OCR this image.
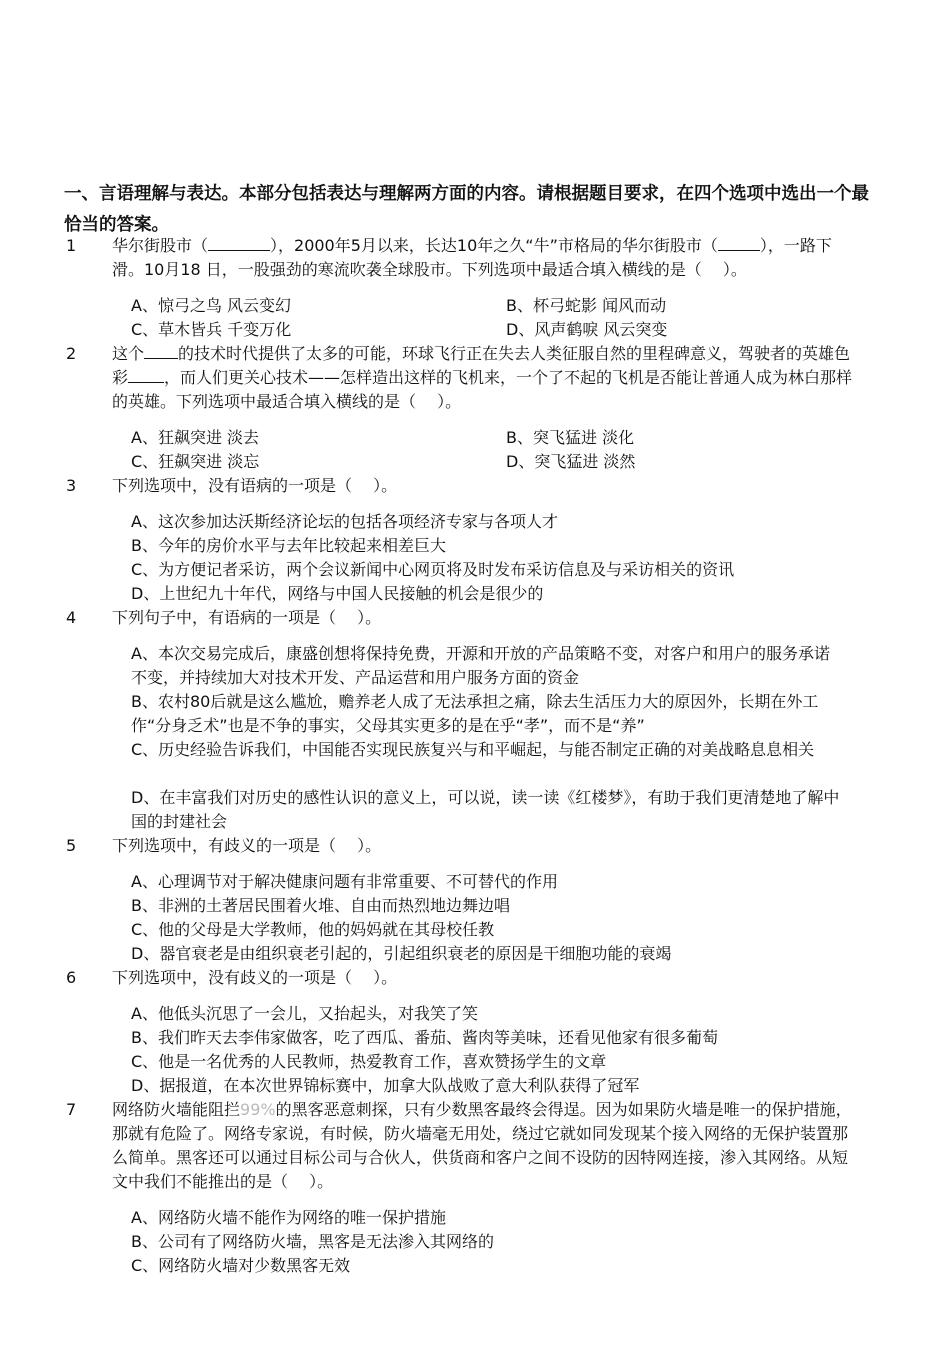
一、言语理解与表达。本部分包括表达与理解两方面的内容。请根据题目要求，在四个选项中选出一个最恰当的答案。
1 华尔街股市（	），2000年5月以来，长达10年之久“牛”市格局的华尔街股市（	），一路下滑。10月18 日，一股强劲的寒流吹袭全球股市。下列选项中最适合填入横线的是（　 ）。
A、惊弓之鸟 风云变幻	B、杯弓蛇影 闻风而动
C、草木皆兵 千变万化	D、风声鹤唳 风云突变
2 这个 的技术时代提供了太多的可能，环球飞行正在失去人类征服自然的里程碑意义，驾驶者的英雄色彩 ，而人们更关心技术——怎样造出这样的飞机来，一个了不起的飞机是否能让普通人成为林白那样的英雄。下列选项中最适合填入横线的是（　 ）。
A、狂飙突进 淡去	B、突飞猛进 淡化
C、狂飙突进 淡忘	D、突飞猛进 淡然
3 下列选项中，没有语病的一项是（　 ）。
A、这次参加达沃斯经济论坛的包括各项经济专家与各项人才
B、今年的房价水平与去年比较起来相差巨大
C、为方便记者采访，两个会议新闻中心网页将及时发布采访信息及与采访相关的资讯
D、上世纪九十年代，网络与中国人民接触的机会是很少的
4 下列句子中，有语病的一项是（　 ）。
A、本次交易完成后，康盛创想将保持免费，开源和开放的产品策略不变，对客户和用户的服务承诺不变，并持续加大对技术开发、产品运营和用户服务方面的资金
B、农村80后就是这么尴尬，赡养老人成了无法承担之痛，除去生活压力大的原因外，长期在外工作“分身乏术”也是不争的事实，父母其实更多的是在乎“孝”，而不是“养”
C、历史经验告诉我们，中国能否实现民族复兴与和平崛起，与能否制定正确的对美战略息息相关
D、在丰富我们对历史的感性认识的意义上，可以说，读一读《红楼梦》，有助于我们更清楚地了解中国的封建社会
5 下列选项中，有歧义的一项是（　 ）。
A、心理调节对于解决健康问题有非常重要、不可替代的作用
B、非洲的土著居民围着火堆、自由而热烈地边舞边唱
C、他的父母是大学教师，他的妈妈就在其母校任教
D、器官衰老是由组织衰老引起的，引起组织衰老的原因是干细胞功能的衰竭
6 下列选项中，没有歧义的一项是（　 ）。
A、他低头沉思了一会儿，又抬起头，对我笑了笑
B、我们昨天去李伟家做客，吃了西瓜、番茄、酱肉等美味，还看见他家有很多葡萄
C、他是一名优秀的人民教师，热爱教育工作，喜欢赞扬学生的文章
D、据报道，在本次世界锦标赛中，加拿大队战败了意大利队获得了冠军
7 网络防火墙能阻拦99%的黑客恶意刺探，只有少数黑客最终会得逞。因为如果防火墙是唯一的保护措施，那就有危险了。网络专家说，有时候，防火墙毫无用处，绕过它就如同发现某个接入网络的无保护装置那么简单。黑客还可以通过目标公司与合伙人，供货商和客户之间不设防的因特网连接，渗入其网络。从短文中我们不能推出的是（　 ）。
A、网络防火墙不能作为网络的唯一保护措施
B、公司有了网络防火墙，黑客是无法渗入其网络的
C、网络防火墙对少数黑客无效
